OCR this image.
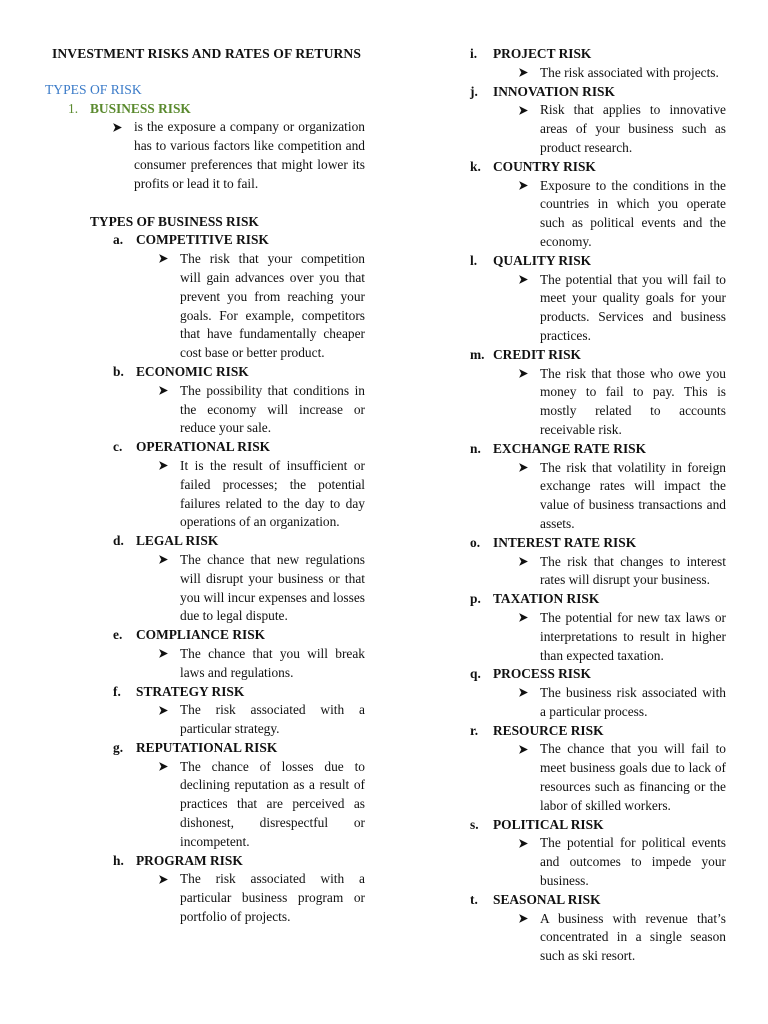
INVESTMENT RISKS AND RATES OF RETURNS
TYPES OF RISK
1. BUSINESS RISK
is the exposure a company or organization has to various factors like competition and consumer preferences that might lower its profits or lead it to fail.
TYPES OF BUSINESS RISK
a. COMPETITIVE RISK
The risk that your competition will gain advances over you that prevent you from reaching your goals. For example, competitors that have fundamentally cheaper cost base or better product.
b. ECONOMIC RISK
The possibility that conditions in the economy will increase or reduce your sale.
c.	OPERATIONAL RISK
It is the result of insufficient or failed processes; the potential failures related to the day to day operations of an organization.
d. LEGAL RISK
The chance that new regulations will disrupt your business or that you will incur expenses and losses due to legal dispute.
e.	COMPLIANCE RISK
The chance that you will break laws and regulations.
f.	STRATEGY RISK
The risk associated with a particular strategy.
g. REPUTATIONAL RISK
The chance of losses due to declining reputation as a result of practices that are perceived as dishonest, disrespectful or incompetent.
h. PROGRAM RISK
The risk associated with a particular business program or portfolio of projects.
i.	PROJECT RISK
The risk associated with projects.
j.	INNOVATION RISK
Risk that applies to innovative areas of your business such as product research.
k. COUNTRY RISK
Exposure to the conditions in the countries in which you operate such as political events and the economy.
l.	QUALITY RISK
The potential that you will fail to meet your quality goals for your products. Services and business practices.
m. CREDIT RISK
The risk that those who owe you money to fail to pay. This is mostly related to accounts receivable risk.
n. EXCHANGE RATE RISK
The risk that volatility in foreign exchange rates will impact the value of business transactions and assets.
o. INTEREST RATE RISK
The risk that changes to interest rates will disrupt your business.
p. TAXATION RISK
The potential for new tax laws or interpretations to result in higher than expected taxation.
q. PROCESS RISK
The business risk associated with a particular process.
r.	RESOURCE RISK
The chance that you will fail to meet business goals due to lack of resources such as financing or the labor of skilled workers.
s.	POLITICAL RISK
The potential for political events and outcomes to impede your business.
t.	SEASONAL RISK
A business with revenue that’s concentrated in a single season such as ski resort.
